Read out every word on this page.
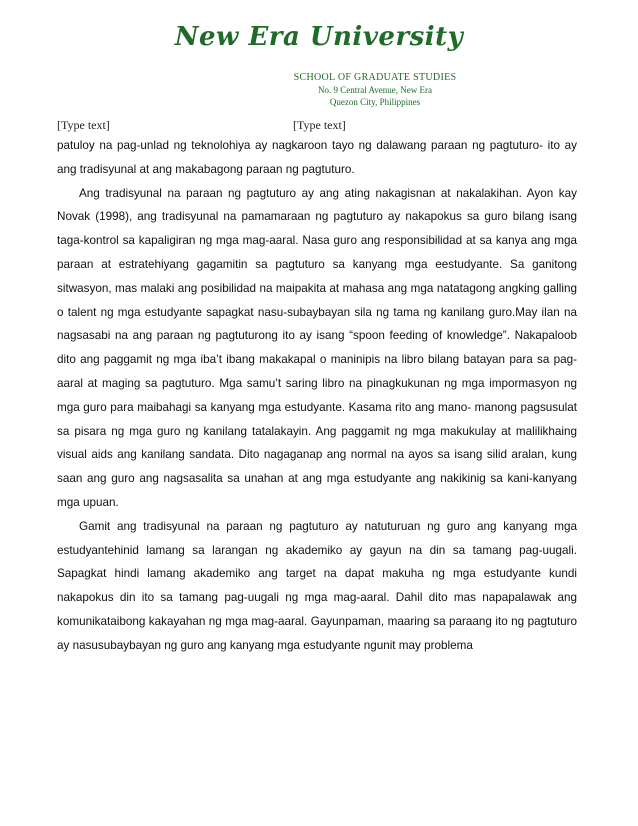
New Era University
SCHOOL OF GRADUATE STUDIES
No. 9 Central Avenue, New Era
Quezon City, Philippines
[Type text]	[Type text]

patuloy na pag-unlad ng teknolohiya ay nagkaroon tayo ng dalawang paraan ng pagtuturo- ito ay ang tradisyunal at ang makabagong paraan ng pagtuturo.

Ang tradisyunal na paraan ng pagtuturo ay ang ating nakagisnan at nakalakihan. Ayon kay Novak (1998), ang tradisyunal na pamamaraan ng pagtuturo ay nakapokus sa guro bilang isang taga-kontrol sa kapaligiran ng mga mag-aaral. Nasa guro ang responsibilidad at sa kanya ang mga paraan at estratehiyang gagamitin sa pagtuturo sa kanyang mga eestudyante. Sa ganitong sitwasyon, mas malaki ang posibilidad na maipakita at mahasa ang mga natatagong angking galling o talent ng mga estudyante sapagkat nasu-subaybayan sila ng tama ng kanilang guro.May ilan na nagsasabi na ang paraan ng pagtuturong ito ay isang “spoon feeding of knowledge”. Nakapaloob dito ang paggamit ng mga iba’t ibang makakapal o maninipis na libro bilang batayan para sa pag-aaral at maging sa pagtuturo. Mga samu’t saring libro na pinagkukunan ng mga impormasyon ng mga guro para maibahagi sa kanyang mga estudyante. Kasama rito ang mano- manong pagsusulat sa pisara ng mga guro ng kanilang tatalakayin. Ang paggamit ng mga makukulay at malilikhaing visual aids ang kanilang sandata. Dito nagaganap ang normal na ayos sa isang silid aralan, kung saan ang guro ang nagsasalita sa unahan at ang mga estudyante ang nakikinig sa kani-kanyang mga upuan.

Gamit ang tradisyunal na paraan ng pagtuturo ay natuturuan ng guro ang kanyang mga estudyantehinid lamang sa larangan ng akademiko ay gayun na din sa tamang pag-uugali. Sapagkat hindi lamang akademiko ang target na dapat makuha ng mga estudyante kundi nakapokus din ito sa tamang pag-uugali ng mga mag-aaral. Dahil dito mas napapalawak ang komunikataibong kakayahan ng mga mag-aaral. Gayunpaman, maaring sa paraang ito ng pagtuturo ay nasusubaybayan ng guro ang kanyang mga estudyante ngunit may problema
